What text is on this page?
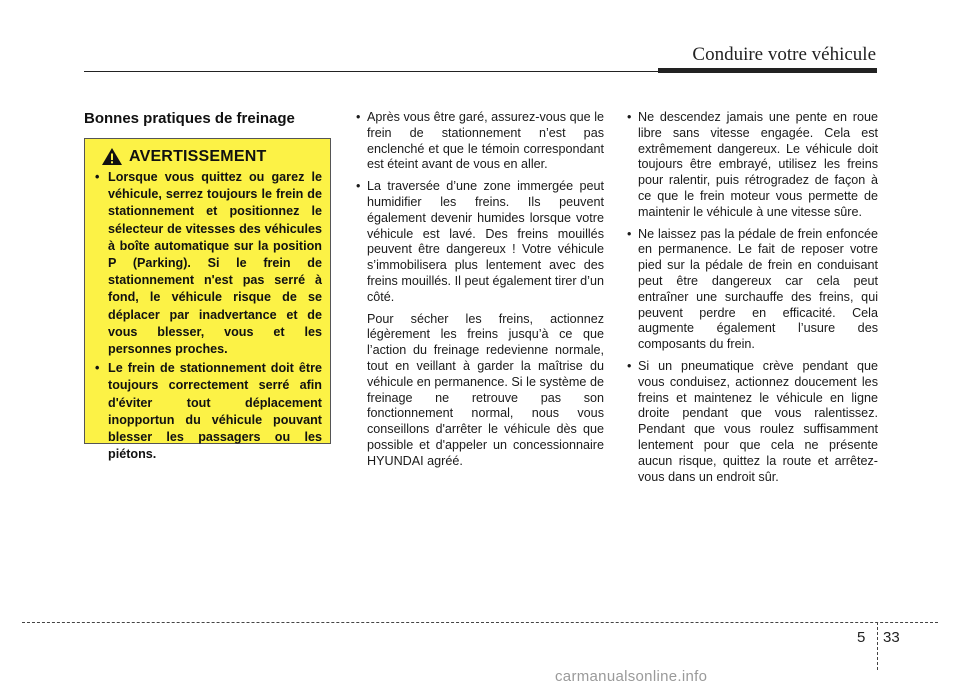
Conduire votre véhicule
Bonnes pratiques de freinage
AVERTISSEMENT
• Lorsque vous quittez ou garez le véhicule, serrez toujours le frein de stationnement et positionnez le sélecteur de vitesses des véhicules à boîte automatique sur la position P (Parking). Si le frein de stationnement n'est pas serré à fond, le véhicule risque de se déplacer par inadvertance et de vous blesser, vous et les personnes proches.
• Le frein de stationnement doit être toujours correctement serré afin d'éviter tout déplacement inopportun du véhicule pouvant blesser les passagers ou les piétons.
• Après vous être garé, assurez-vous que le frein de stationnement n’est pas enclenché et que le témoin correspondant est éteint avant de vous en aller.
• La traversée d’une zone immergée peut humidifier les freins. Ils peuvent également devenir humides lorsque votre véhicule est lavé. Des freins mouillés peuvent être dangereux ! Votre véhicule s’immobilisera plus lentement avec des freins mouillés. Il peut également tirer d’un côté.

Pour sécher les freins, actionnez légèrement les freins jusqu’à ce que l’action du freinage redevienne normale, tout en veillant à garder la maîtrise du véhicule en permanence. Si le système de freinage ne retrouve pas son fonctionnement normal, nous vous conseillons d'arrêter le véhicule dès que possible et d'appeler un concessionnaire HYUNDAI agréé.

• Ne descendez jamais une pente en roue libre sans vitesse engagée. Cela est extrêmement dangereux. Le véhicule doit toujours être embrayé, utilisez les freins pour ralentir, puis rétrogradez de façon à ce que le frein moteur vous permette de maintenir le véhicule à une vitesse sûre.
• Ne laissez pas la pédale de frein enfoncée en permanence. Le fait de reposer votre pied sur la pédale de frein en conduisant peut être dangereux car cela peut entraîner une surchauffe des freins, qui peuvent perdre en efficacité. Cela augmente également l’usure des composants du frein.
• Si un pneumatique crève pendant que vous conduisez, actionnez doucement les freins et maintenez le véhicule en ligne droite pendant que vous ralentissez. Pendant que vous roulez suffisamment lentement pour que cela ne présente aucun risque, quittez la route et arrêtez-vous dans un endroit sûr.
5 33
carmanualsonline.info
